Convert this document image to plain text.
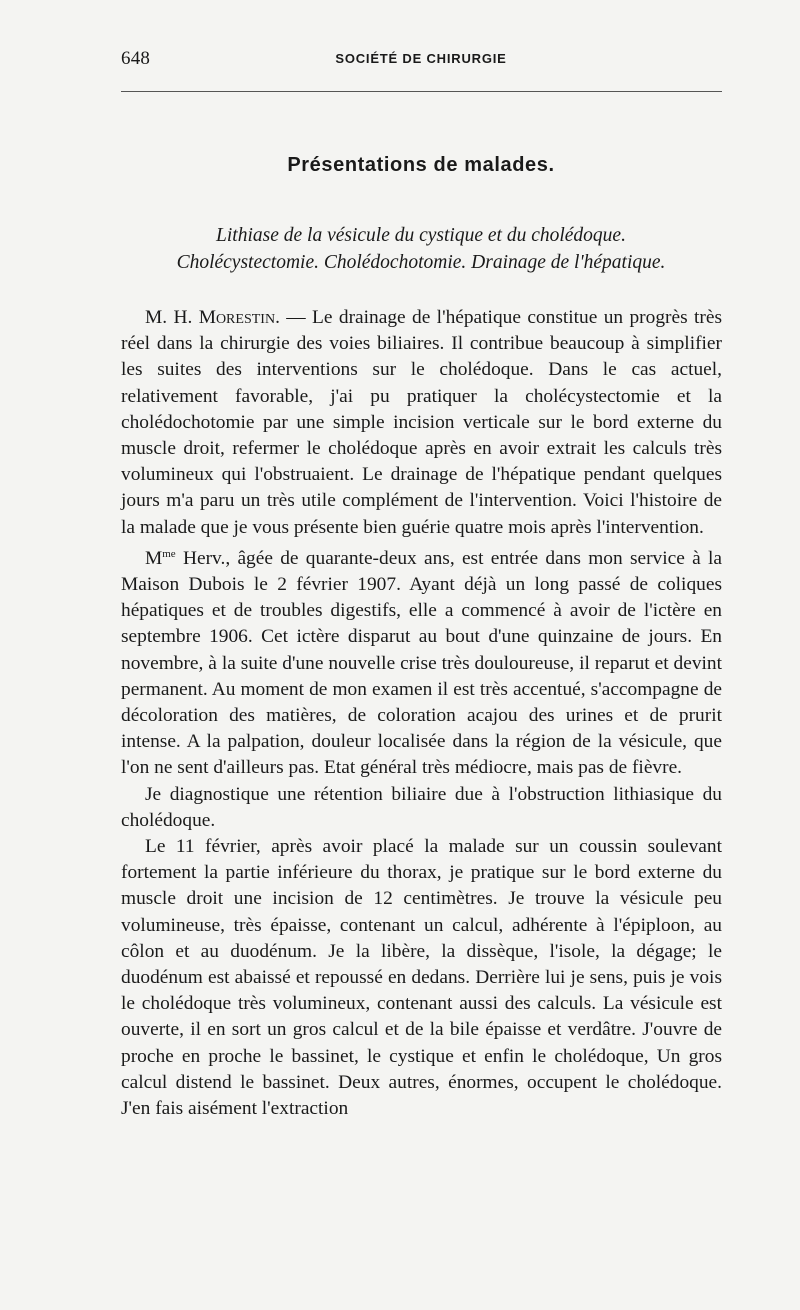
648	SOCIÉTÉ DE CHIRURGIE
Présentations de malades.
Lithiase de la vésicule du cystique et du cholédoque.
Cholécystectomie. Cholédochotomie. Drainage de l'hépatique.

M. H. Morestin. — Le drainage de l'hépatique constitue un progrès très réel dans la chirurgie des voies biliaires. Il contribue beaucoup à simplifier les suites des interventions sur le cholédoque. Dans le cas actuel, relativement favorable, j'ai pu pratiquer la cholécystectomie et la cholédochotomie par une simple incision verticale sur le bord externe du muscle droit, refermer le cholédoque après en avoir extrait les calculs très volumineux qui l'obstruaient. Le drainage de l'hépatique pendant quelques jours m'a paru un très utile complément de l'intervention. Voici l'histoire de la malade que je vous présente bien guérie quatre mois après l'intervention.

$M^{me}$ Herv., âgée de quarante-deux ans, est entrée dans mon service à la Maison Dubois le 2 février 1907. Ayant déjà un long passé de coliques hépatiques et de troubles digestifs, elle a commencé à avoir de l'ictère en septembre 1906. Cet ictère disparut au bout d'une quinzaine de jours. En novembre, à la suite d'une nouvelle crise très douloureuse, il reparut et devint permanent. Au moment de mon examen il est très accentué, s'accompagne de décoloration des matières, de coloration acajou des urines et de prurit intense. A la palpation, douleur localisée dans la région de la vésicule, que l'on ne sent d'ailleurs pas. Etat général très médiocre, mais pas de fièvre.

Je diagnostique une rétention biliaire due à l'obstruction lithiasique du cholédoque.

Le 11 février, après avoir placé la malade sur un coussin soulevant fortement la partie inférieure du thorax, je pratique sur le bord externe du muscle droit une incision de 12 centimètres. Je trouve la vésicule peu volumineuse, très épaisse, contenant un calcul, adhérente à l'épiploon, au côlon et au duodénum. Je la libère, la dissèque, l'isole, la dégage; le duodénum est abaissé et repoussé en dedans. Derrière lui je sens, puis je vois le cholédoque très volumineux, contenant aussi des calculs. La vésicule est ouverte, il en sort un gros calcul et de la bile épaisse et verdâtre. J'ouvre de proche en proche le bassinet, le cystique et enfin le cholédoque, Un gros calcul distend le bassinet. Deux autres, énormes, occupent le cholédoque. J'en fais aisément l'extraction
